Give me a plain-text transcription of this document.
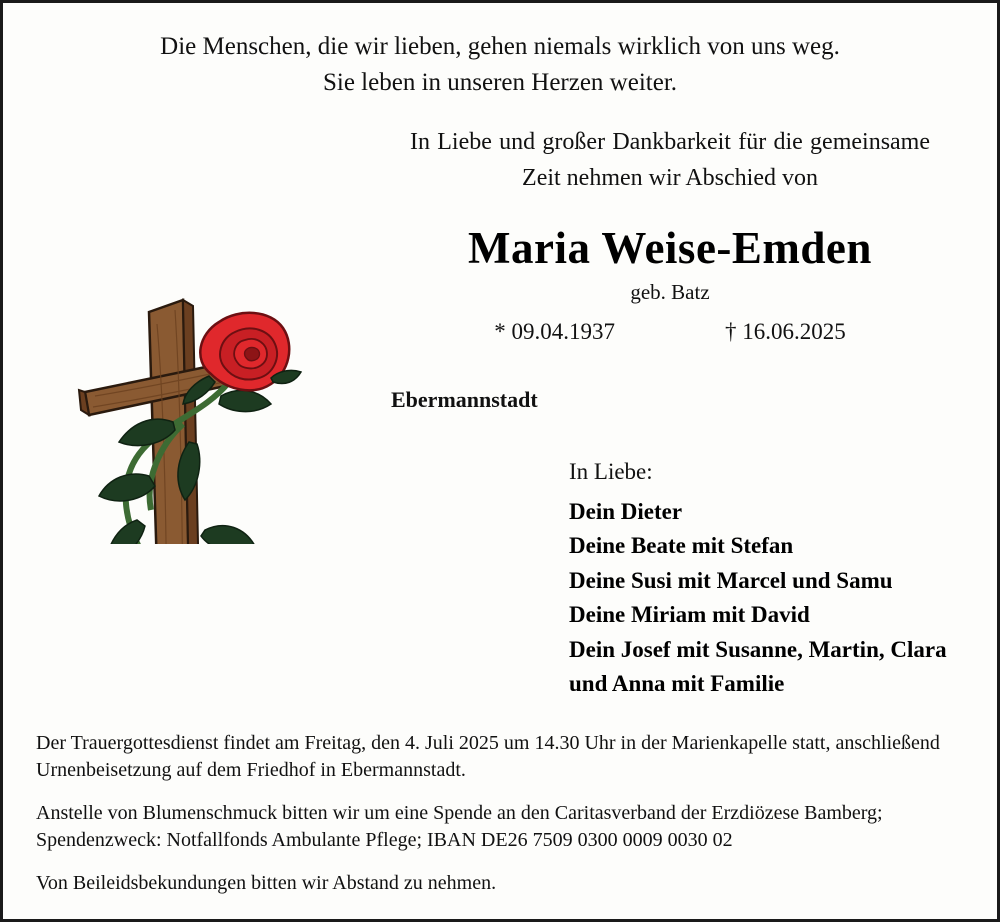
Die Menschen, die wir lieben, gehen niemals wirklich von uns weg.
Sie leben in unseren Herzen weiter.
In Liebe und großer Dankbarkeit für die gemeinsame Zeit nehmen wir Abschied von
Maria Weise-Emden
geb. Batz
* 09.04.1937	† 16.06.2025
Ebermannstadt
In Liebe:
Dein Dieter
Deine Beate mit Stefan
Deine Susi mit Marcel und Samu
Deine Miriam mit David
Dein Josef mit Susanne, Martin, Clara
und Anna mit Familie

Der Trauergottesdienst findet am Freitag, den 4. Juli 2025 um 14.30 Uhr in der Marienkapelle statt, anschließend Urnenbeisetzung auf dem Friedhof in Ebermannstadt.

Anstelle von Blumenschmuck bitten wir um eine Spende an den Caritasverband der Erzdiözese Bamberg; Spendenzweck: Notfallfonds Ambulante Pflege; IBAN DE26 7509 0300 0009 0030 02

Von Beileidsbekundungen bitten wir Abstand zu nehmen.
